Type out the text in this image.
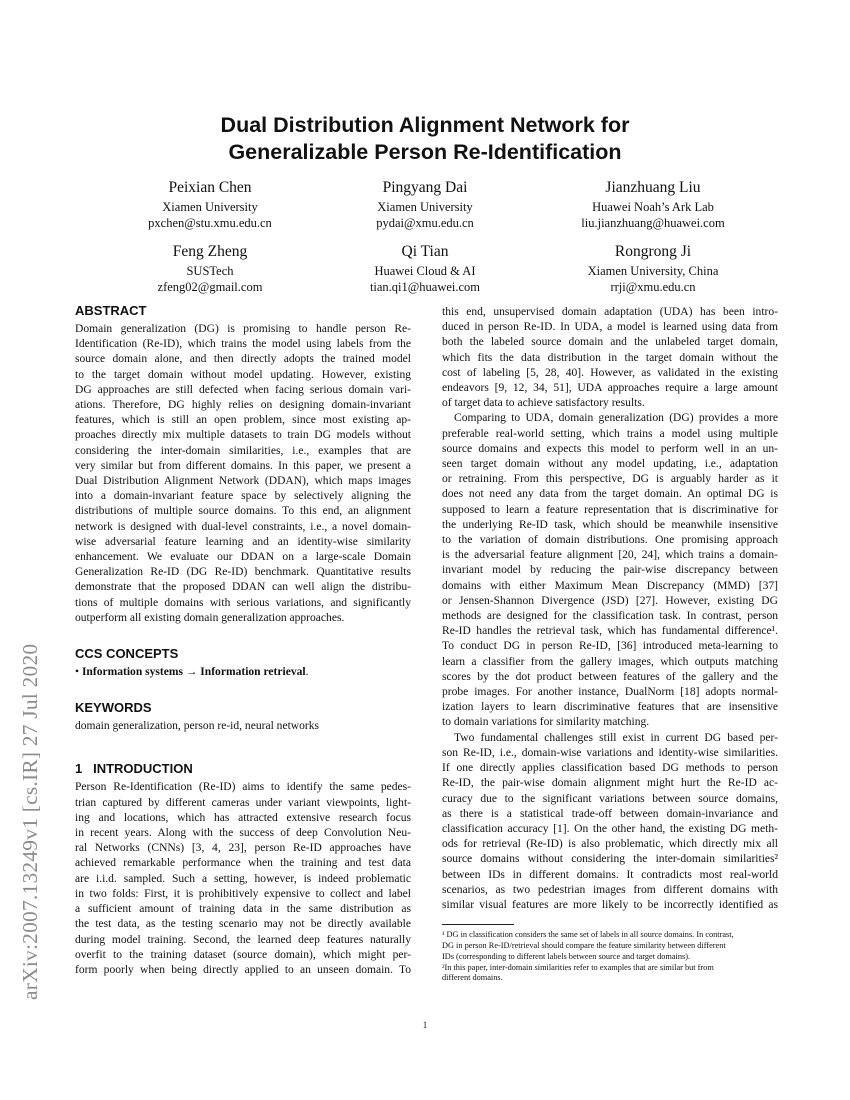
arXiv:2007.13249v1 [cs.IR] 27 Jul 2020
Dual Distribution Alignment Network for
Generalizable Person Re-Identification
Peixian Chen
Xiamen University
pxchen@stu.xmu.edu.cn
Pingyang Dai
Xiamen University
pydai@xmu.edu.cn
Jianzhuang Liu
Huawei Noah’s Ark Lab
liu.jianzhuang@huawei.com
Feng Zheng
SUSTech
zfeng02@gmail.com
Qi Tian
Huawei Cloud & AI
tian.qi1@huawei.com
Rongrong Ji
Xiamen University, China
rrji@xmu.edu.cn
ABSTRACT
Domain generalization (DG) is promising to handle person Re-
Identification (Re-ID), which trains the model using labels from the
source domain alone, and then directly adopts the trained model
to the target domain without model updating. However, existing
DG approaches are still defected when facing serious domain vari-
ations. Therefore, DG highly relies on designing domain-invariant
features, which is still an open problem, since most existing ap-
proaches directly mix multiple datasets to train DG models without
considering the inter-domain similarities, i.e., examples that are
very similar but from different domains. In this paper, we present a
Dual Distribution Alignment Network (DDAN), which maps images
into a domain-invariant feature space by selectively aligning the
distributions of multiple source domains. To this end, an alignment
network is designed with dual-level constraints, i.e., a novel domain-
wise adversarial feature learning and an identity-wise similarity
enhancement. We evaluate our DDAN on a large-scale Domain
Generalization Re-ID (DG Re-ID) benchmark. Quantitative results
demonstrate that the proposed DDAN can well align the distribu-
tions of multiple domains with serious variations, and significantly
outperform all existing domain generalization approaches.
CCS CONCEPTS
• Information systems → Information retrieval.
KEYWORDS
domain generalization, person re-id, neural networks
1 INTRODUCTION
Person Re-Identification (Re-ID) aims to identify the same pedes-
trian captured by different cameras under variant viewpoints, light-
ing and locations, which has attracted extensive research focus
in recent years. Along with the success of deep Convolution Neu-
ral Networks (CNNs) [3, 4, 23], person Re-ID approaches have
achieved remarkable performance when the training and test data
are i.i.d. sampled. Such a setting, however, is indeed problematic
in two folds: First, it is prohibitively expensive to collect and label
a sufficient amount of training data in the same distribution as
the test data, as the testing scenario may not be directly available
during model training. Second, the learned deep features naturally
overfit to the training dataset (source domain), which might per-
form poorly when being directly applied to an unseen domain. To
this end, unsupervised domain adaptation (UDA) has been intro-
duced in person Re-ID. In UDA, a model is learned using data from
both the labeled source domain and the unlabeled target domain,
which fits the data distribution in the target domain without the
cost of labeling [5, 28, 40]. However, as validated in the existing
endeavors [9, 12, 34, 51], UDA approaches require a large amount
of target data to achieve satisfactory results.
Comparing to UDA, domain generalization (DG) provides a more
preferable real-world setting, which trains a model using multiple
source domains and expects this model to perform well in an un-
seen target domain without any model updating, i.e., adaptation
or retraining. From this perspective, DG is arguably harder as it
does not need any data from the target domain. An optimal DG is
supposed to learn a feature representation that is discriminative for
the underlying Re-ID task, which should be meanwhile insensitive
to the variation of domain distributions. One promising approach
is the adversarial feature alignment [20, 24], which trains a domain-
invariant model by reducing the pair-wise discrepancy between
domains with either Maximum Mean Discrepancy (MMD) [37]
or Jensen-Shannon Divergence (JSD) [27]. However, existing DG
methods are designed for the classification task. In contrast, person
Re-ID handles the retrieval task, which has fundamental difference¹.
To conduct DG in person Re-ID, [36] introduced meta-learning to
learn a classifier from the gallery images, which outputs matching
scores by the dot product between features of the gallery and the
probe images. For another instance, DualNorm [18] adopts normal-
ization layers to learn discriminative features that are insensitive
to domain variations for similarity matching.
Two fundamental challenges still exist in current DG based per-
son Re-ID, i.e., domain-wise variations and identity-wise similarities.
If one directly applies classification based DG methods to person
Re-ID, the pair-wise domain alignment might hurt the Re-ID ac-
curacy due to the significant variations between source domains,
as there is a statistical trade-off between domain-invariance and
classification accuracy [1]. On the other hand, the existing DG meth-
ods for retrieval (Re-ID) is also problematic, which directly mix all
source domains without considering the inter-domain similarities²
between IDs in different domains. It contradicts most real-world
scenarios, as two pedestrian images from different domains with
similar visual features are more likely to be incorrectly identified as
¹ DG in classification considers the same set of labels in all source domains. In contrast,
DG in person Re-ID/retrieval should compare the feature similarity between different
IDs (corresponding to different labels between source and target domains).
²In this paper, inter-domain similarities refer to examples that are similar but from
different domains.
1
